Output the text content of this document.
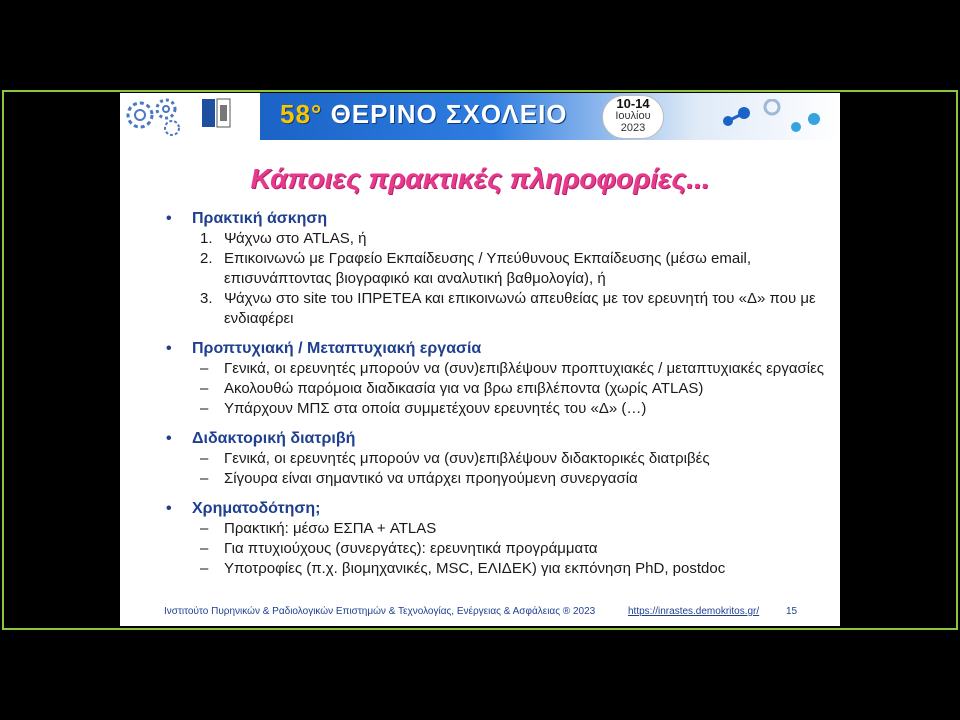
58° ΘΕΡΙΝΟ ΣΧΟΛΕΙΟ	10-14
Ιουλίου
2023
Κάποιες πρακτικές πληροφορίες...
• Πρακτική άσκηση
1. Ψάχνω στο ATLAS, ή
2. Επικοινωνώ με Γραφείο Εκπαίδευσης / Υπεύθυνους Εκπαίδευσης (μέσω email, επισυνάπτοντας βιογραφικό και αναλυτική βαθμολογία), ή
3. Ψάχνω στο site του ΙΠΡΕΤΕΑ και επικοινωνώ απευθείας με τον ερευνητή του «Δ» που με ενδιαφέρει
• Προπτυχιακή / Μεταπτυχιακή εργασία
– Γενικά, οι ερευνητές μπορούν να (συν)επιβλέψουν προπτυχιακές / μεταπτυχιακές εργασίες
– Ακολουθώ παρόμοια διαδικασία για να βρω επιβλέποντα (χωρίς ATLAS)
– Υπάρχουν ΜΠΣ στα οποία συμμετέχουν ερευνητές του «Δ» (…)
• Διδακτορική διατριβή
– Γενικά, οι ερευνητές μπορούν να (συν)επιβλέψουν διδακτορικές διατριβές
– Σίγουρα είναι σημαντικό να υπάρχει προηγούμενη συνεργασία
• Χρηματοδότηση;
– Πρακτική: μέσω ΕΣΠΑ + ATLAS
– Για πτυχιούχους (συνεργάτες): ερευνητικά προγράμματα
– Υποτροφίες (π.χ. βιομηχανικές, MSC, ΕΛΙΔΕΚ) για εκπόνηση PhD, postdoc
Ινστιτούτο Πυρηνικών & Ραδιολογικών Επιστημών & Τεχνολογίας, Ενέργειας & Ασφάλειας ® 2023	https://inrastes.demokritos.gr/	15
